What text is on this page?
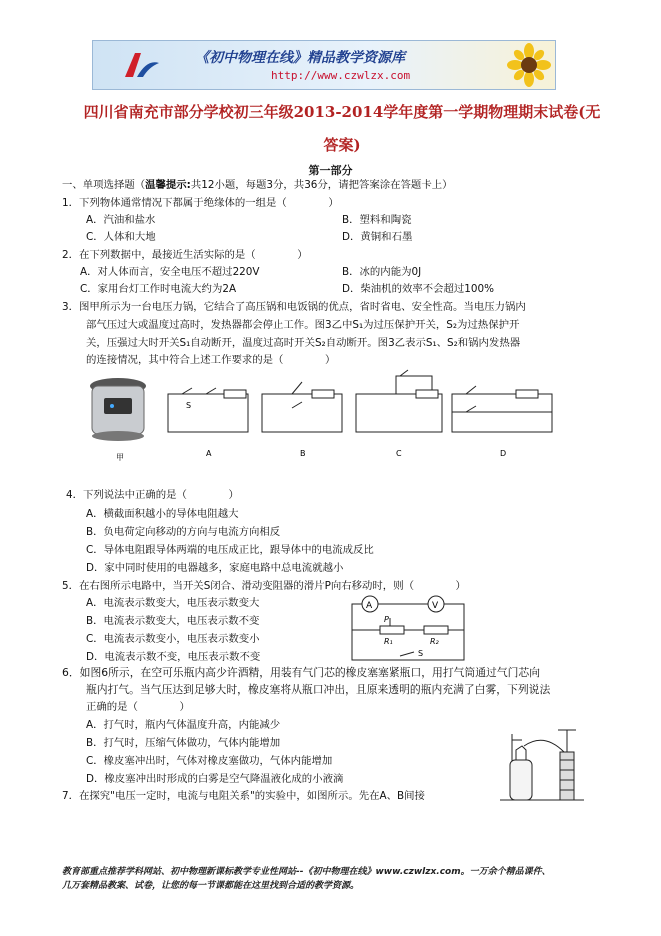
《初中物理在线》精品教学资源库
http://www.czwlzx.com
四川省南充市部分学校初三年级2013-2014学年度第一学期物理期末试卷(无
答案)
第一部分
一、单项选择题（温馨提示:共12小题，每题3分，共36分，请把答案涂在答题卡上）
1．下列物体通常情况下都属于绝缘体的一组是（　　　　）
A．汽油和盐水	B．塑料和陶瓷
C．人体和大地	D．黄铜和石墨
2．在下列数据中，最接近生活实际的是（　　　　）
A．对人体而言，安全电压不超过220V	B．冰的内能为0J
C．家用台灯工作时电流大约为2A	D．柴油机的效率不会超过100%
3．图甲所示为一台电压力锅，它结合了高压锅和电饭锅的优点，省时省电、安全性高。当电压力锅内
部气压过大或温度过高时，发热器都会停止工作。图3乙中S₁为过压保护开关，S₂为过热保护开
关，压强过大时开关S₁自动断开，温度过高时开关S₂自动断开。图3乙表示S₁、S₂和锅内发热器
的连接情况，其中符合上述工作要求的是（　　　　）
S
甲	A	B	C	D
4．下列说法中正确的是（　　　　）
A．横截面积越小的导体电阻越大
B．负电荷定向移动的方向与电流方向相反
C．导体电阻跟导体两端的电压成正比，跟导体中的电流成反比
D．家中同时使用的电器越多，家庭电路中总电流就越小
5．在右图所示电路中，当开关S闭合、滑动变阻器的滑片P向右移动时，则（　　　　）
A．电流表示数变大，电压表示数变大
B．电流表示数变大，电压表示数不变
C．电流表示数变小，电压表示数变小
D．电流表示数不变，电压表示数不变
A	V
P
R₁	R₂
S
6．如图6所示，在空可乐瓶内高少许酒精，用装有气门芯的橡皮塞塞紧瓶口，用打气筒通过气门芯向
瓶内打气。当气压达到足够大时，橡皮塞将从瓶口冲出，且原来透明的瓶内充满了白雾，下列说法
正确的是（　　　　）
A．打气时，瓶内气体温度升高，内能减少
B．打气时，压缩气体做功，气体内能增加
C．橡皮塞冲出时，气体对橡皮塞做功，气体内能增加
D．橡皮塞冲出时形成的白雾是空气降温液化成的小液滴
7．在探究"电压一定时，电流与电阻关系"的实验中，如图所示。先在A、B间接
教育部重点推荐学科网站、初中物理新课标教学专业性网站--《初中物理在线》www.czwlzx.com。一万余个精品课件、
几万套精品教案、试卷，让您的每一节课都能在这里找到合适的教学资源。
